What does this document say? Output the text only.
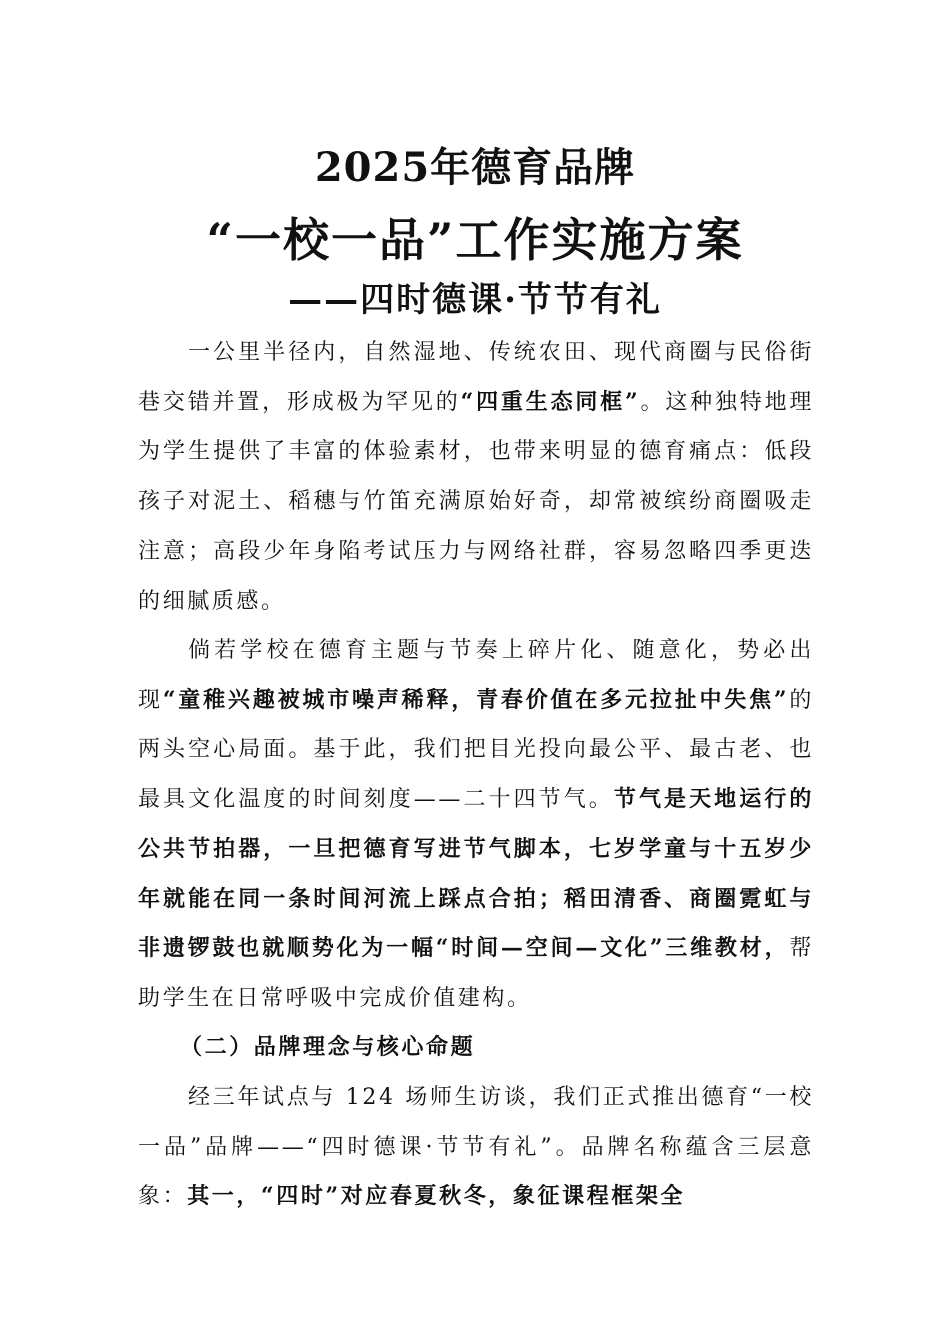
2025年德育品牌
“一校一品”工作实施方案
——四时德课·节节有礼

一公里半径内，自然湿地、传统农田、现代商圈与民俗街巷交错并置，形成极为罕见的“四重生态同框”。这种独特地理为学生提供了丰富的体验素材，也带来明显的德育痛点：低段孩子对泥土、稻穗与竹笛充满原始好奇，却常被缤纷商圈吸走注意；高段少年身陷考试压力与网络社群，容易忽略四季更迭的细腻质感。

倘若学校在德育主题与节奏上碎片化、随意化，势必出现“童稚兴趣被城市噪声稀释，青春价值在多元拉扯中失焦”的两头空心局面。基于此，我们把目光投向最公平、最古老、也最具文化温度的时间刻度——二十四节气。节气是天地运行的公共节拍器，一旦把德育写进节气脚本，七岁学童与十五岁少年就能在同一条时间河流上踩点合拍；稻田清香、商圈霓虹与非遗锣鼓也就顺势化为一幅“时间—空间—文化”三维教材，帮助学生在日常呼吸中完成价值建构。

（二）品牌理念与核心命题

经三年试点与 124 场师生访谈，我们正式推出德育“一校一品”品牌——“四时德课·节节有礼”。品牌名称蕴含三层意象：其一，“四时”对应春夏秋冬，象征课程框架全
